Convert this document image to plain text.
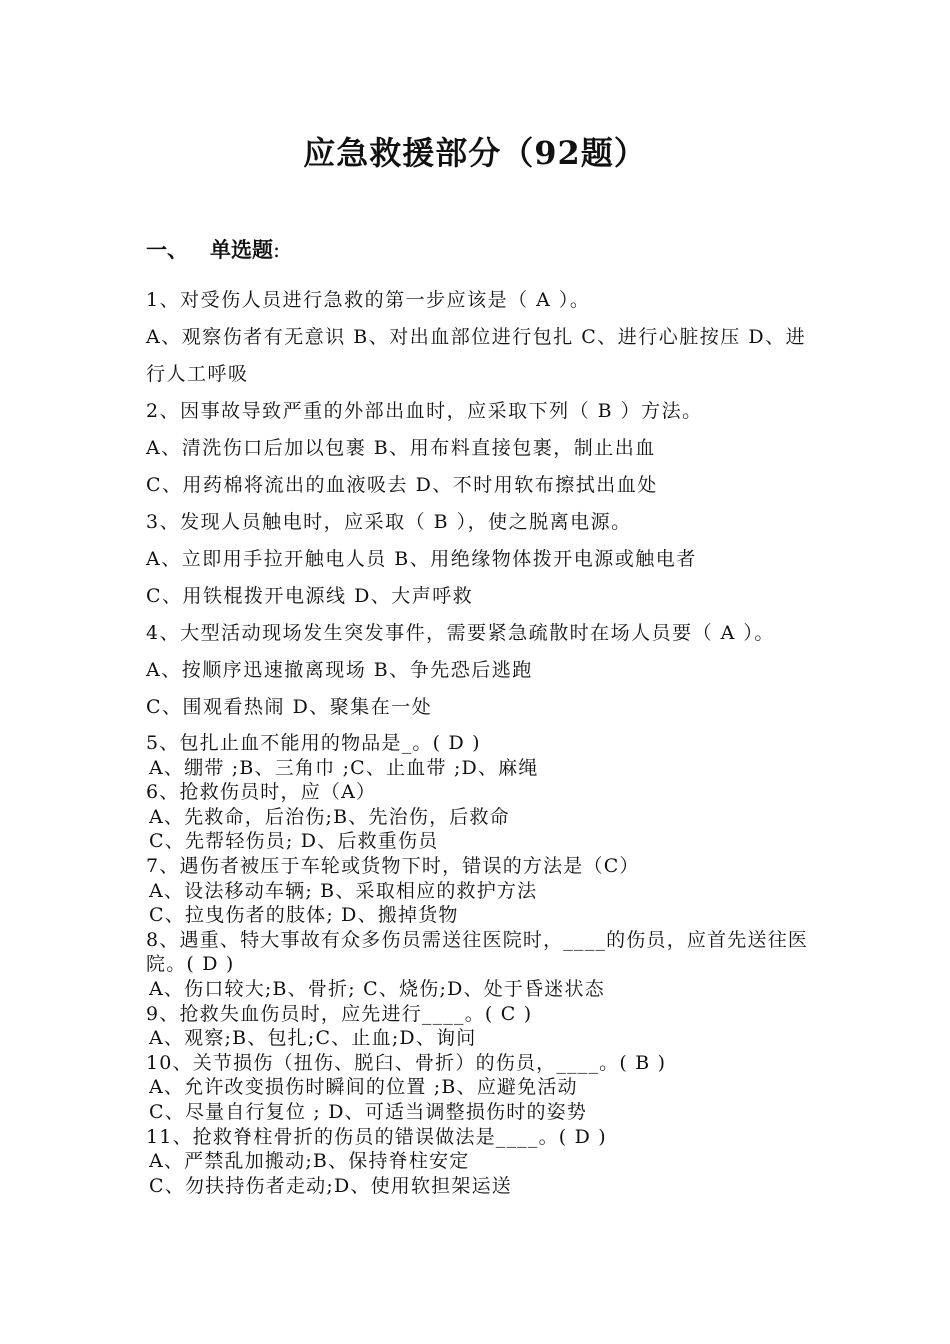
应急救援部分（92题）
一、 单选题:
1、对受伤人员进行急救的第一步应该是（ A ）。
A、观察伤者有无意识 B、对出血部位进行包扎 C、进行心脏按压 D、进行人工呼吸
2、因事故导致严重的外部出血时，应采取下列（ B ）方法。
A、清洗伤口后加以包裹 B、用布料直接包裹，制止出血
C、用药棉将流出的血液吸去 D、不时用软布擦拭出血处
3、发现人员触电时，应采取（ B ），使之脱离电源。
A、立即用手拉开触电人员 B、用绝缘物体拨开电源或触电者
C、用铁棍拨开电源线 D、大声呼救
4、大型活动现场发生突发事件，需要紧急疏散时在场人员要（ A ）。
A、按顺序迅速撤离现场 B、争先恐后逃跑
C、围观看热闹 D、聚集在一处
5、包扎止血不能用的物品是_。( D )
A、绷带 ;B、三角巾 ;C、止血带 ;D、麻绳
6、抢救伤员时，应（A）
A、先救命，后治伤;B、先治伤，后救命
C、先帮轻伤员; D、后救重伤员
7、遇伤者被压于车轮或货物下时，错误的方法是（C）
A、设法移动车辆; B、采取相应的救护方法
C、拉曳伤者的肢体; D、搬掉货物
8、遇重、特大事故有众多伤员需送往医院时，____的伤员，应首先送往医院。( D )
A、伤口较大;B、骨折; C、烧伤;D、处于昏迷状态
9、抢救失血伤员时，应先进行____。( C )
A、观察;B、包扎;C、止血;D、询问
10、关节损伤（扭伤、脱臼、骨折）的伤员，____。( B )
A、允许改变损伤时瞬间的位置 ;B、应避免活动
C、尽量自行复位 ; D、可适当调整损伤时的姿势
11、抢救脊柱骨折的伤员的错误做法是____。( D )
A、严禁乱加搬动;B、保持脊柱安定
C、勿扶持伤者走动;D、使用软担架运送
